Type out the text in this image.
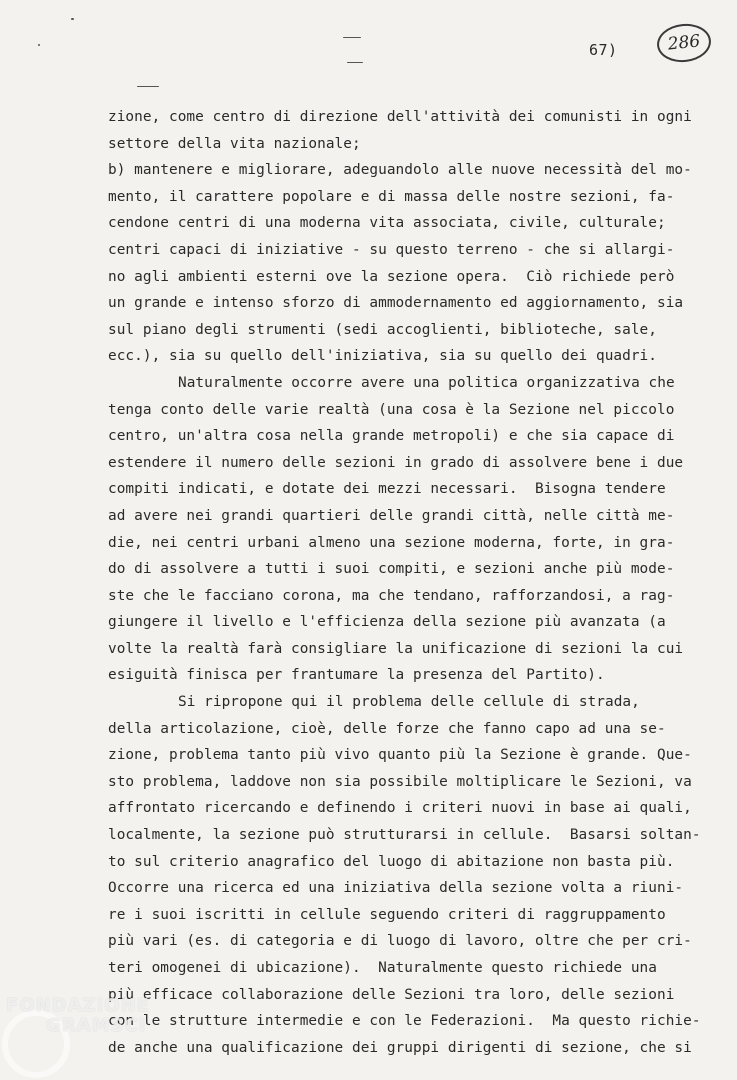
67)	286
zione, come centro di direzione dell'attività dei comunisti in ogni
settore della vita nazionale;
b) mantenere e migliorare, adeguandolo alle nuove necessità del mo-
mento, il carattere popolare e di massa delle nostre sezioni, fa-
cendone centri di una moderna vita associata, civile, culturale;
centri capaci di iniziative - su questo terreno - che si allargi-
no agli ambienti esterni ove la sezione opera.  Ciò richiede però
un grande e intenso sforzo di ammodernamento ed aggiornamento, sia
sul piano degli strumenti (sedi accoglienti, biblioteche, sale,
ecc.), sia su quello dell'iniziativa, sia su quello dei quadri.
Naturalmente occorre avere una politica organizzativa che
tenga conto delle varie realtà (una cosa è la Sezione nel piccolo
centro, un'altra cosa nella grande metropoli) e che sia capace di
estendere il numero delle sezioni in grado di assolvere bene i due
compiti indicati, e dotate dei mezzi necessari.  Bisogna tendere
ad avere nei grandi quartieri delle grandi città, nelle città me-
die, nei centri urbani almeno una sezione moderna, forte, in gra-
do di assolvere a tutti i suoi compiti, e sezioni anche più mode-
ste che le facciano corona, ma che tendano, rafforzandosi, a rag-
giungere il livello e l'efficienza della sezione più avanzata (a
volte la realtà farà consigliare la unificazione di sezioni la cui
esiguità finisca per frantumare la presenza del Partito).
Si ripropone qui il problema delle cellule di strada,
della articolazione, cioè, delle forze che fanno capo ad una se-
zione, problema tanto più vivo quanto più la Sezione è grande. Que-
sto problema, laddove non sia possibile moltiplicare le Sezioni, va
affrontato ricercando e definendo i criteri nuovi in base ai quali,
localmente, la sezione può strutturarsi in cellule.  Basarsi soltan-
to sul criterio anagrafico del luogo di abitazione non basta più.
Occorre una ricerca ed una iniziativa della sezione volta a riuni-
re i suoi iscritti in cellule seguendo criteri di raggruppamento
più vari (es. di categoria e di luogo di lavoro, oltre che per cri-
teri omogenei di ubicazione).  Naturalmente questo richiede una
più efficace collaborazione delle Sezioni tra loro, delle sezioni
con le strutture intermedie e con le Federazioni.  Ma questo richie-
de anche una qualificazione dei gruppi dirigenti di sezione, che si
FONDAZIONE
GRAMSCI
